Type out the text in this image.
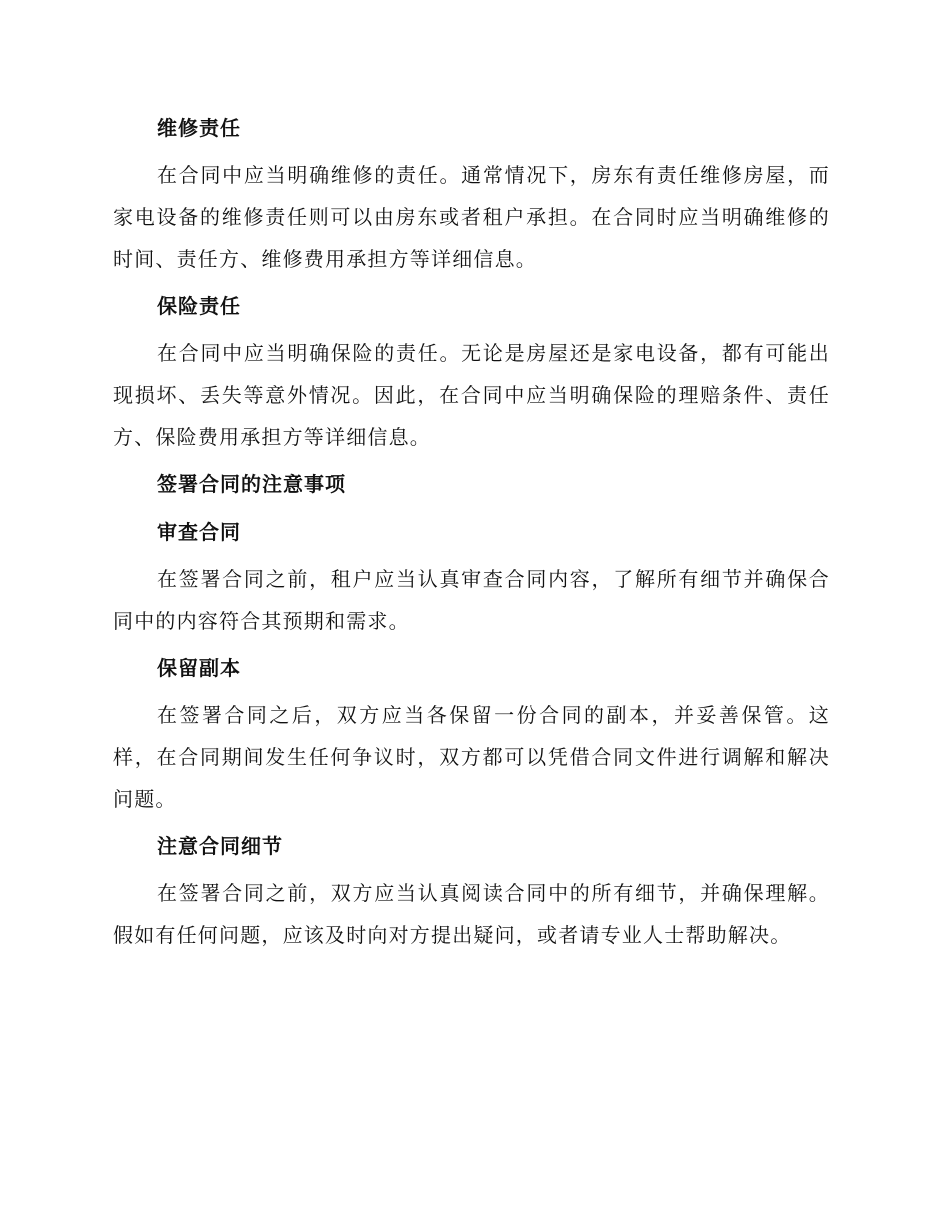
维修责任

在合同中应当明确维修的责任。通常情况下，房东有责任维修房屋，而家电设备的维修责任则可以由房东或者租户承担。在合同时应当明确维修的时间、责任方、维修费用承担方等详细信息。

保险责任

在合同中应当明确保险的责任。无论是房屋还是家电设备，都有可能出现损坏、丢失等意外情况。因此，在合同中应当明确保险的理赔条件、责任方、保险费用承担方等详细信息。

签署合同的注意事项
审查合同

在签署合同之前，租户应当认真审查合同内容，了解所有细节并确保合同中的内容符合其预期和需求。

保留副本

在签署合同之后，双方应当各保留一份合同的副本，并妥善保管。这样，在合同期间发生任何争议时，双方都可以凭借合同文件进行调解和解决问题。

注意合同细节

在签署合同之前，双方应当认真阅读合同中的所有细节，并确保理解。假如有任何问题，应该及时向对方提出疑问，或者请专业人士帮助解决。
